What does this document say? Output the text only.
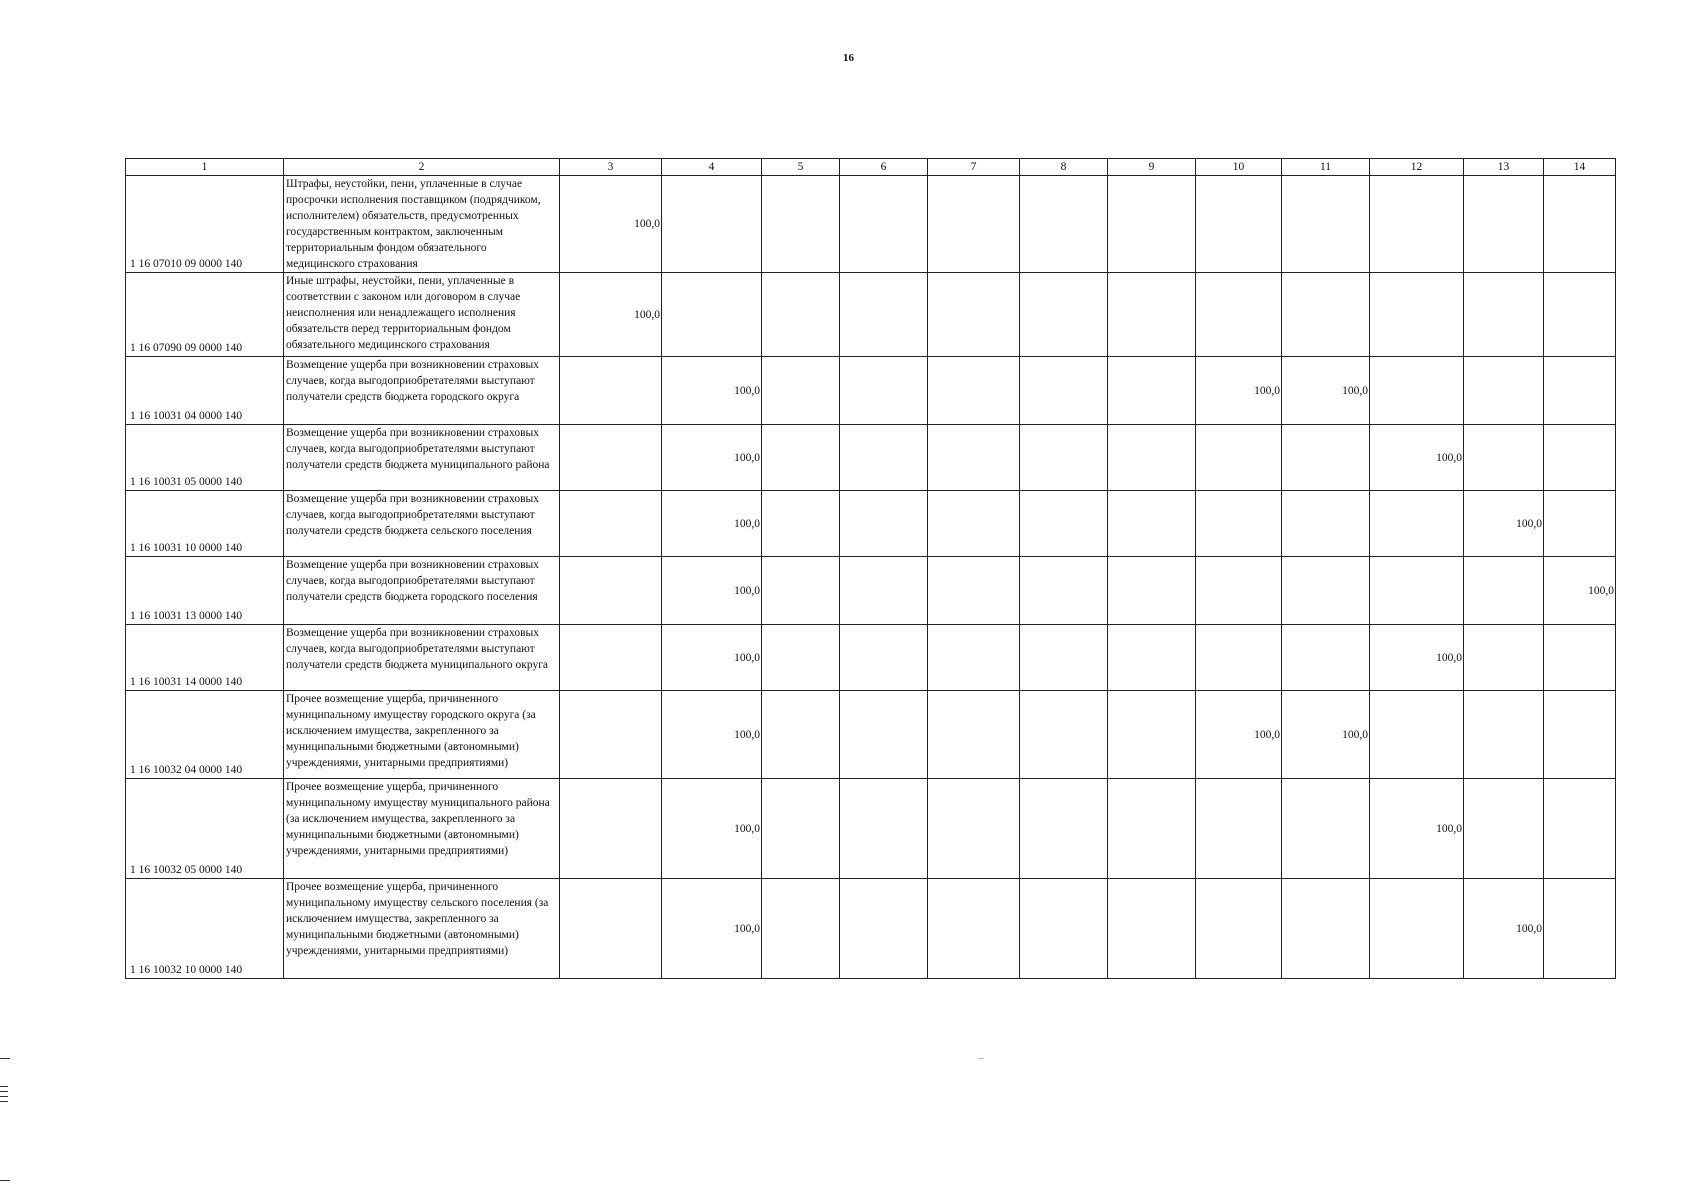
16
1	2	3	4	5	6	7	8	9	10	11	12	13	14
1 16 07010 09 0000 140	Штрафы, неустойки, пени, уплаченные в случае просрочки исполнения поставщиком (подрядчиком, исполнителем) обязательств, предусмотренных государственным контрактом, заключенным территориальным фондом обязательного медицинского страхования	100,0											
1 16 07090 09 0000 140	Иные штрафы, неустойки, пени, уплаченные в соответствии с законом или договором в случае неисполнения или ненадлежащего исполнения обязательств перед территориальным фондом обязательного медицинского страхования	100,0											
1 16 10031 04 0000 140	Возмещение ущерба при возникновении страховых случаев, когда выгодоприобретателями выступают получатели средств бюджета городского округа		100,0						100,0	100,0			
1 16 10031 05 0000 140	Возмещение ущерба при возникновении страховых случаев, когда выгодоприобретателями выступают получатели средств бюджета муниципального района		100,0								100,0		
1 16 10031 10 0000 140	Возмещение ущерба при возникновении страховых случаев, когда выгодоприобретателями выступают получатели средств бюджета сельского поселения		100,0									100,0	
1 16 10031 13 0000 140	Возмещение ущерба при возникновении страховых случаев, когда выгодоприобретателями выступают получатели средств бюджета городского поселения		100,0										100,0
1 16 10031 14 0000 140	Возмещение ущерба при возникновении страховых случаев, когда выгодоприобретателями выступают получатели средств бюджета муниципального округа		100,0								100,0		
1 16 10032 04 0000 140	Прочее возмещение ущерба, причиненного муниципальному имуществу городского округа (за исключением имущества, закрепленного за муниципальными бюджетными (автономными) учреждениями, унитарными предприятиями)		100,0						100,0	100,0			
1 16 10032 05 0000 140	Прочее возмещение ущерба, причиненного муниципальному имуществу муниципального района (за исключением имущества, закрепленного за муниципальными бюджетными (автономными) учреждениями, унитарными предприятиями)		100,0								100,0		
1 16 10032 10 0000 140	Прочее возмещение ущерба, причиненного муниципальному имуществу сельского поселения (за исключением имущества, закрепленного за муниципальными бюджетными (автономными) учреждениями, унитарными предприятиями)		100,0									100,0	
